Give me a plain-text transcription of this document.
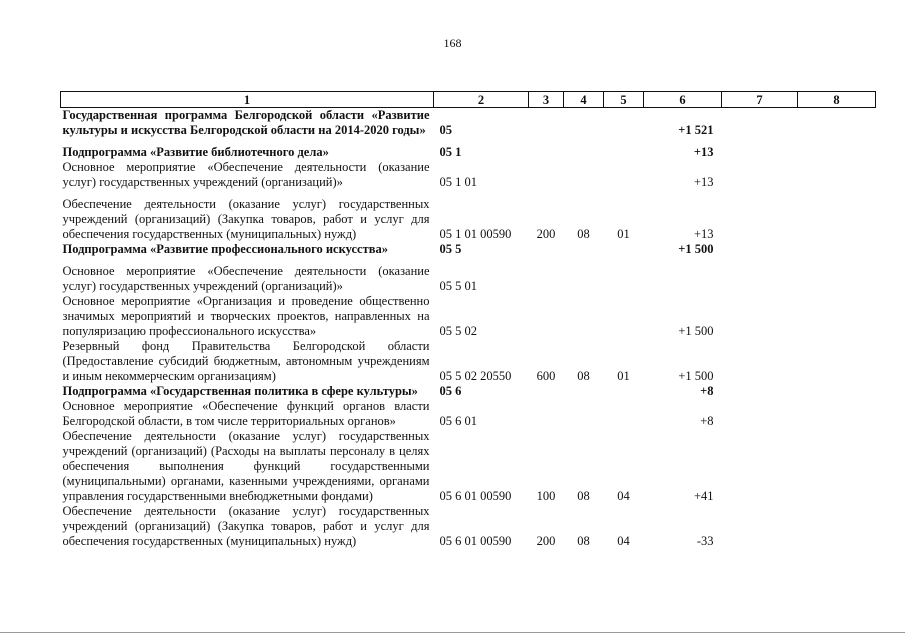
168
1	2	3	4	5	6	7	8
Государственная программа Белгородской области «Развитие культуры и искусства Белгородской области на 2014-2020 годы»	05				+1 521		
Подпрограмма «Развитие библиотечного дела»	05 1				+13		
Основное мероприятие «Обеспечение деятельности (оказание услуг) государственных учреждений (организаций)»	05 1 01				+13		
Обеспечение деятельности (оказание услуг) государственных учреждений (организаций) (Закупка товаров, работ и услуг для обеспечения государственных (муниципальных) нужд)	05 1 01 00590	200	08	01	+13		
Подпрограмма «Развитие профессионального искусства»	05 5				+1 500		
Основное мероприятие «Обеспечение деятельности (оказание услуг) государственных учреждений (организаций)»	05 5 01						
Основное мероприятие «Организация и проведение общественно значимых мероприятий и творческих проектов, направленных на популяризацию профессионального искусства»	05 5 02				+1 500		
Резервный фонд Правительства Белгородской области (Предоставление субсидий бюджетным, автономным учреждениям и иным некоммерческим организациям)	05 5 02 20550	600	08	01	+1 500		
Подпрограмма «Государственная политика в сфере культуры»	05 6				+8		
Основное мероприятие «Обеспечение функций органов власти Белгородской области, в том числе территориальных органов»	05 6 01				+8		
Обеспечение деятельности (оказание услуг) государственных учреждений (организаций) (Расходы на выплаты персоналу в целях обеспечения выполнения функций государственными (муниципальными) органами, казенными учреждениями, органами управления государственными внебюджетными фондами)	05 6 01 00590	100	08	04	+41		
Обеспечение деятельности (оказание услуг) государственных учреждений (организаций) (Закупка товаров, работ и услуг для обеспечения государственных (муниципальных) нужд)	05 6 01 00590	200	08	04	-33		
